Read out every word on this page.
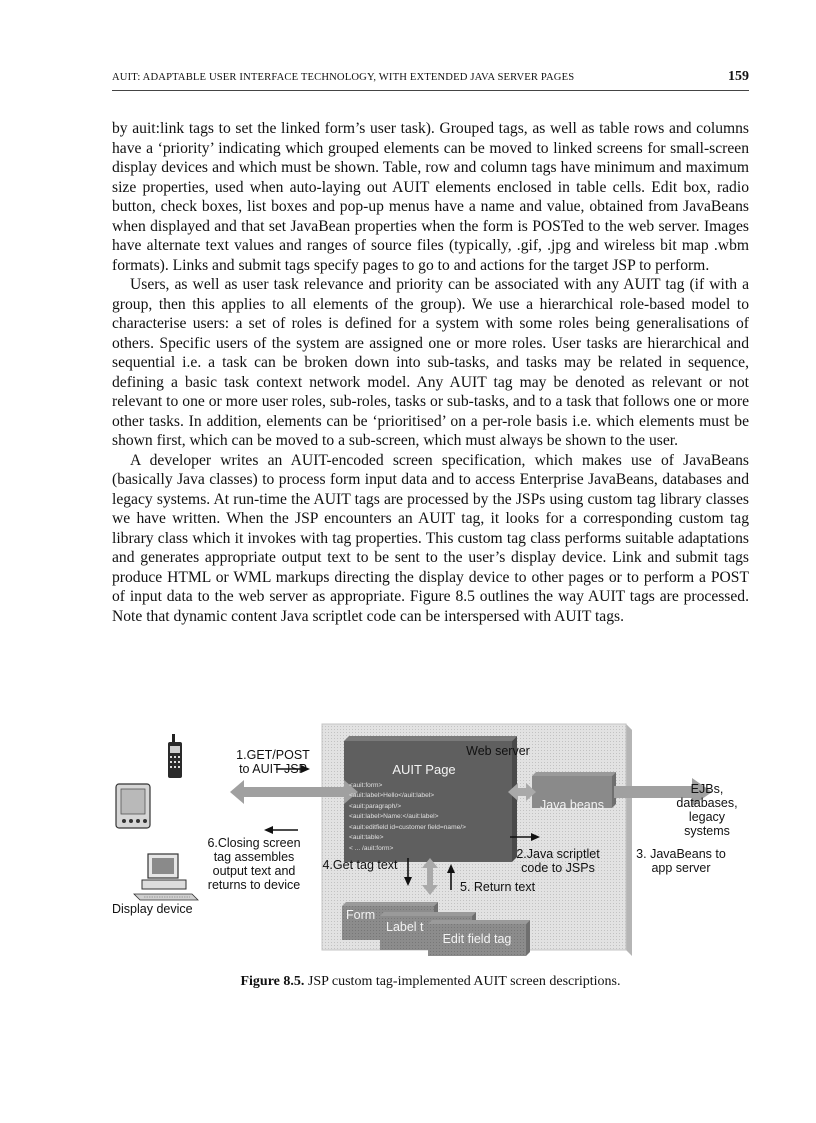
AUIT: ADAPTABLE USER INTERFACE TECHNOLOGY, WITH EXTENDED JAVA SERVER PAGES	159

by auit:link tags to set the linked form’s user task). Grouped tags, as well as table rows and columns have a ‘priority’ indicating which grouped elements can be moved to linked screens for small-screen display devices and which must be shown. Table, row and column tags have minimum and maximum size properties, used when auto-laying out AUIT elements enclosed in table cells. Edit box, radio button, check boxes, list boxes and pop-up menus have a name and value, obtained from JavaBeans when displayed and that set JavaBean properties when the form is POSTed to the web server. Images have alternate text values and ranges of source files (typically, .gif, .jpg and wireless bit map .wbm formats). Links and submit tags specify pages to go to and actions for the target JSP to perform.

Users, as well as user task relevance and priority can be associated with any AUIT tag (if with a group, then this applies to all elements of the group). We use a hierarchical role-based model to characterise users: a set of roles is defined for a system with some roles being generalisations of others. Specific users of the system are assigned one or more roles. User tasks are hierarchical and sequential i.e. a task can be broken down into sub-tasks, and tasks may be related in sequence, defining a basic task context network model. Any AUIT tag may be denoted as relevant or not relevant to one or more user roles, sub-roles, tasks or sub-tasks, and to a task that follows one or more other tasks. In addition, elements can be ‘prioritised’ on a per-role basis i.e. which elements must be shown first, which can be moved to a sub-screen, which must always be shown to the user.

A developer writes an AUIT-encoded screen specification, which makes use of JavaBeans (basically Java classes) to process form input data and to access Enterprise JavaBeans, databases and legacy systems. At run-time the AUIT tags are processed by the JSPs using custom tag library classes we have written. When the JSP encounters an AUIT tag, it looks for a corresponding custom tag library class which it invokes with tag properties. This custom tag class performs suitable adaptations and generates appropriate output text to be sent to the user’s display device. Link and submit tags produce HTML or WML markups directing the display device to other pages or to perform a POST of input data to the web server as appropriate. Figure 8.5 outlines the way AUIT tags are processed. Note that dynamic content Java scriptlet code can be interspersed with AUIT tags.

Web server
AUIT Page
<auit:form>
<auit:label>Hello</auit:label>
<auit:paragraph/>
<auit:label>Name:</auit:label>
<auit:editfield id=customer field=name/>
<auit:table>
< ... /auit:form>
Java beans
1.GET/POST
to AUIT JSP
EJBs,
databases,
legacy
systems
6.Closing screen
tag assembles
output text and
returns to device
4.Get tag text
2.Java scriptlet
code to JSPs
3. JavaBeans to
app server
5. Return text
Display device	Form
Label t
Edit field tag
Figure 8.5. JSP custom tag-implemented AUIT screen descriptions.
